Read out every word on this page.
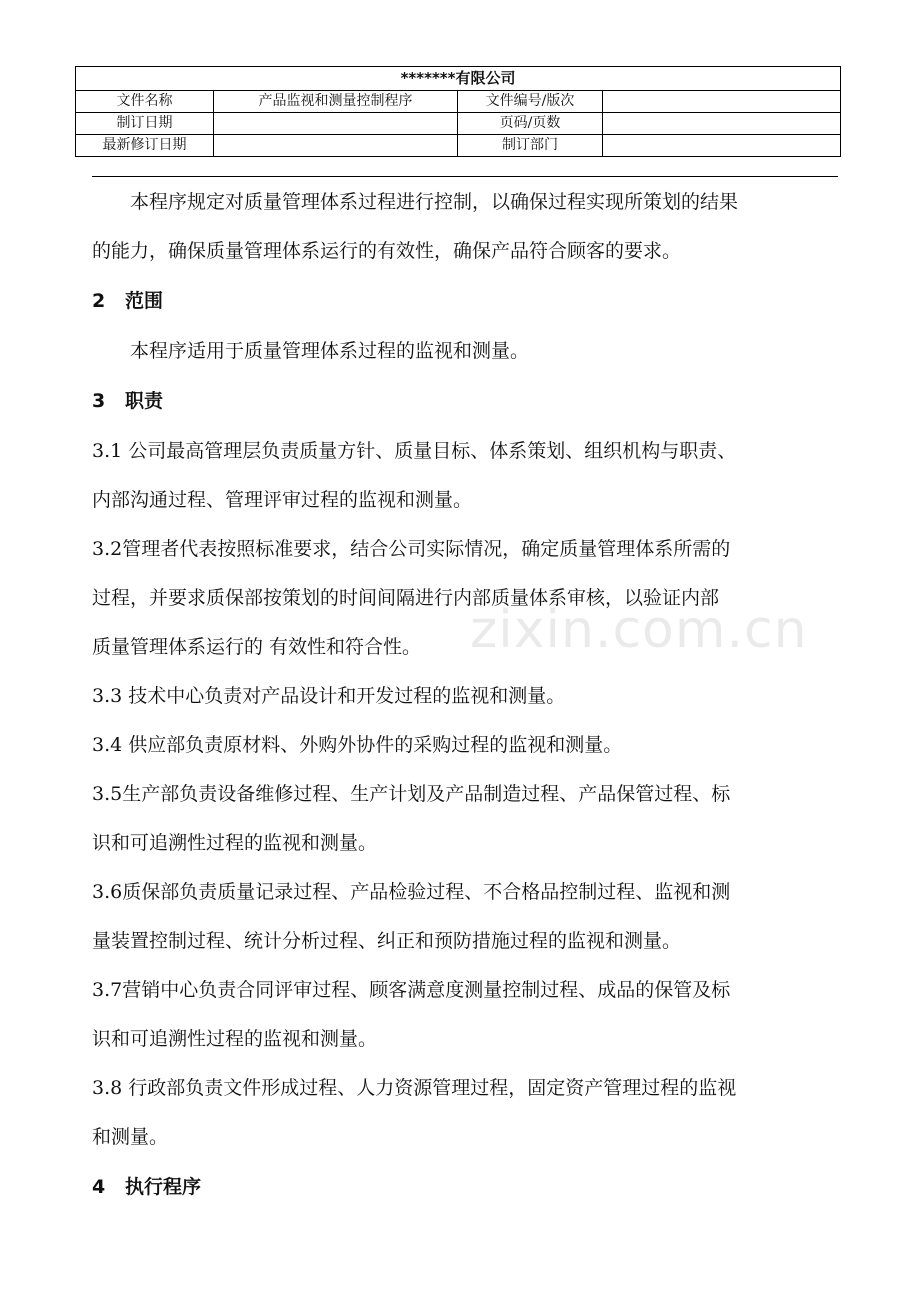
*******有限公司			
文件名称	产品监视和测量控制程序	文件编号/版次	
制订日期		页码/页数	
最新修订日期		制订部门	
zixin.com.cn

本程序规定对质量管理体系过程进行控制，以确保过程实现所策划的结果

的能力，确保质量管理体系运行的有效性，确保产品符合顾客的要求。

2 范围

本程序适用于质量管理体系过程的监视和测量。

3 职责

3.1 公司最高管理层负责质量方针、质量目标、体系策划、组织机构与职责、

内部沟通过程、管理评审过程的监视和测量。

3.2管理者代表按照标准要求，结合公司实际情况，确定质量管理体系所需的

过程，并要求质保部按策划的时间间隔进行内部质量体系审核，以验证内部

质量管理体系运行的 有效性和符合性。

3.3 技术中心负责对产品设计和开发过程的监视和测量。

3.4 供应部负责原材料、外购外协件的采购过程的监视和测量。

3.5生产部负责设备维修过程、生产计划及产品制造过程、产品保管过程、标

识和可追溯性过程的监视和测量。

3.6质保部负责质量记录过程、产品检验过程、不合格品控制过程、监视和测

量装置控制过程、统计分析过程、纠正和预防措施过程的监视和测量。

3.7营销中心负责合同评审过程、顾客满意度测量控制过程、成品的保管及标

识和可追溯性过程的监视和测量。

3.8 行政部负责文件形成过程、人力资源管理过程，固定资产管理过程的监视

和测量。

4 执行程序
